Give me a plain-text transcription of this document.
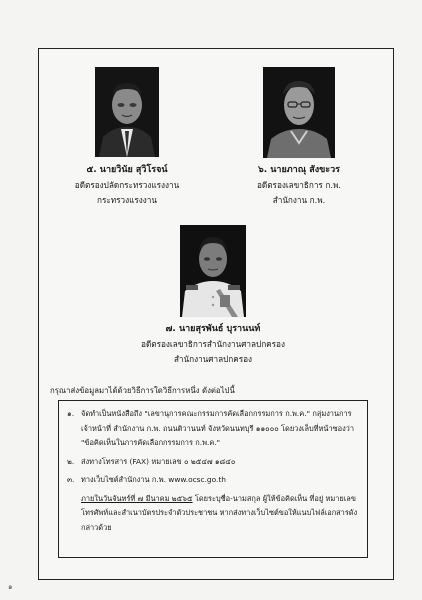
๕. นายวินัย สุวิโรจน์
อดีตรองปลัดกระทรวงแรงงาน
กระทรวงแรงงาน
๖. นายภาณุ สังขะวร
อดีตรองเลขาธิการ ก.พ.
สำนักงาน ก.พ.
๗. นายสุรพันธ์ บุรานนท์
อดีตรองเลขาธิการสำนักงานศาลปกครอง
สำนักงานศาลปกครอง
กรุณาส่งข้อมูลมาได้ด้วยวิธีการใดวิธีการหนึ่ง ดังต่อไปนี้
๑. จัดทำเป็นหนังสือถึง "เลขานุการคณะกรรมการคัดเลือกกรรมการ ก.พ.ค." กลุ่มงานการเจ้าหน้าที่ สำนักงาน ก.พ. ถนนติวานนท์ จังหวัดนนทบุรี ๑๑๐๐๐ โดยวงเล็บที่หน้าซองว่า "ข้อคิดเห็นในการคัดเลือกกรรมการ ก.พ.ค."
๒. ส่งทางโทรสาร (FAX) หมายเลข ๐ ๒๕๔๗ ๑๘๔๐
๓. ทางเว็บไซต์สำนักงาน ก.พ. www.ocsc.go.th
ภายในวันจันทร์ที่ ๗ มีนาคม ๒๕๖๕ โดยระบุชื่อ-นามสกุล ผู้ให้ข้อคิดเห็น ที่อยู่ หมายเลขโทรศัพท์และสำเนาบัตรประจำตัวประชาชน หากส่งทางเว็บไซต์ขอให้แนบไฟล์เอกสารดังกล่าวด้วย
๑
